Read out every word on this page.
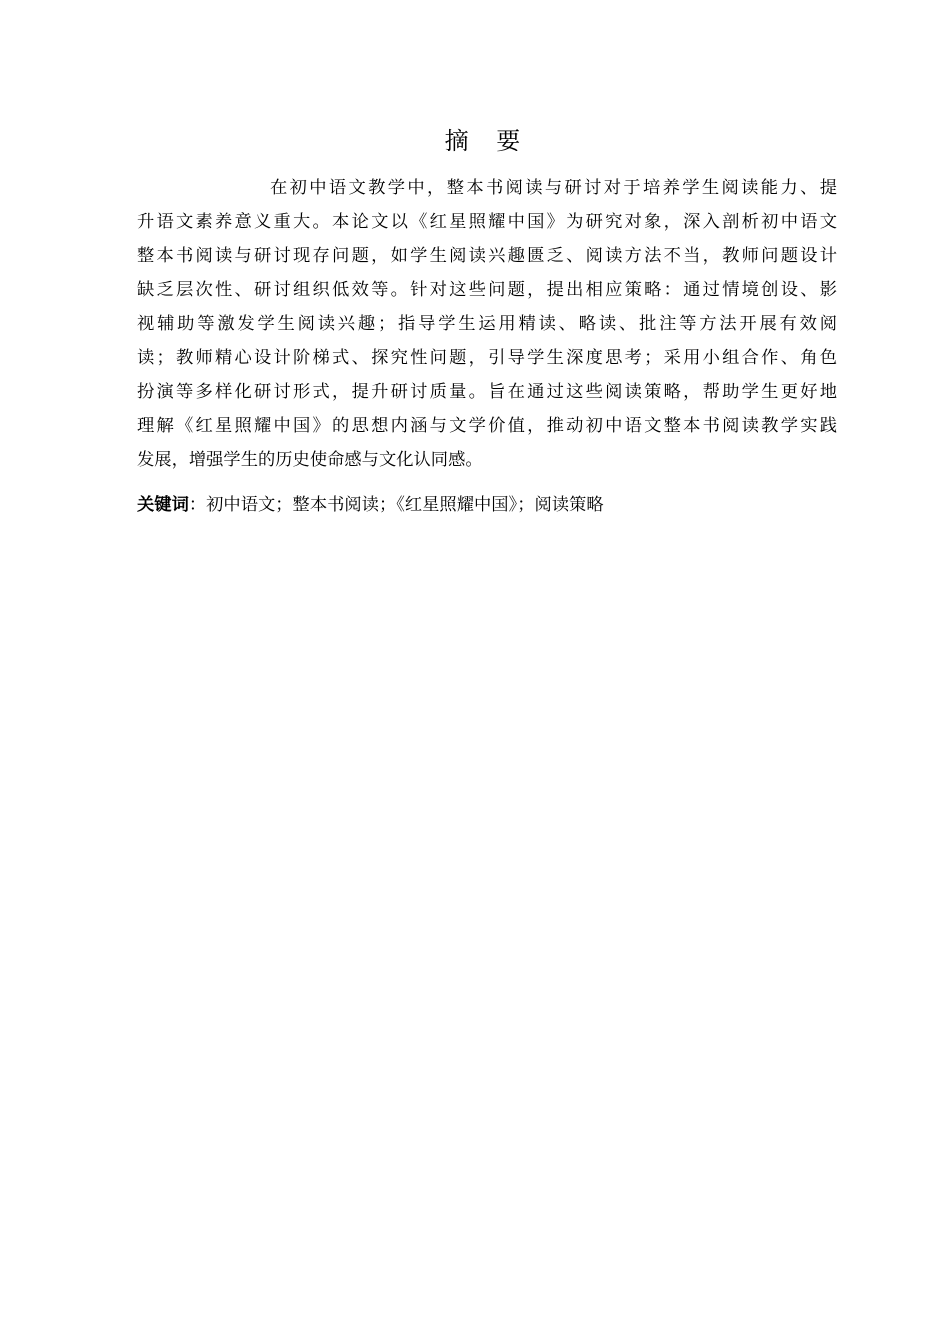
摘 要
在初中语文教学中，整本书阅读与研讨对于培养学生阅读能力、提
升语文素养意义重大。本论文以《红星照耀中国》为研究对象，深入剖析初中语文
整本书阅读与研讨现存问题，如学生阅读兴趣匮乏、阅读方法不当，教师问题设计
缺乏层次性、研讨组织低效等。针对这些问题，提出相应策略：通过情境创设、影
视辅助等激发学生阅读兴趣；指导学生运用精读、略读、批注等方法开展有效阅
读；教师精心设计阶梯式、探究性问题，引导学生深度思考；采用小组合作、角色
扮演等多样化研讨形式，提升研讨质量。旨在通过这些阅读策略，帮助学生更好地
理解《红星照耀中国》的思想内涵与文学价值，推动初中语文整本书阅读教学实践
发展，增强学生的历史使命感与文化认同感。
关键词：初中语文；整本书阅读；《红星照耀中国》；阅读策略
